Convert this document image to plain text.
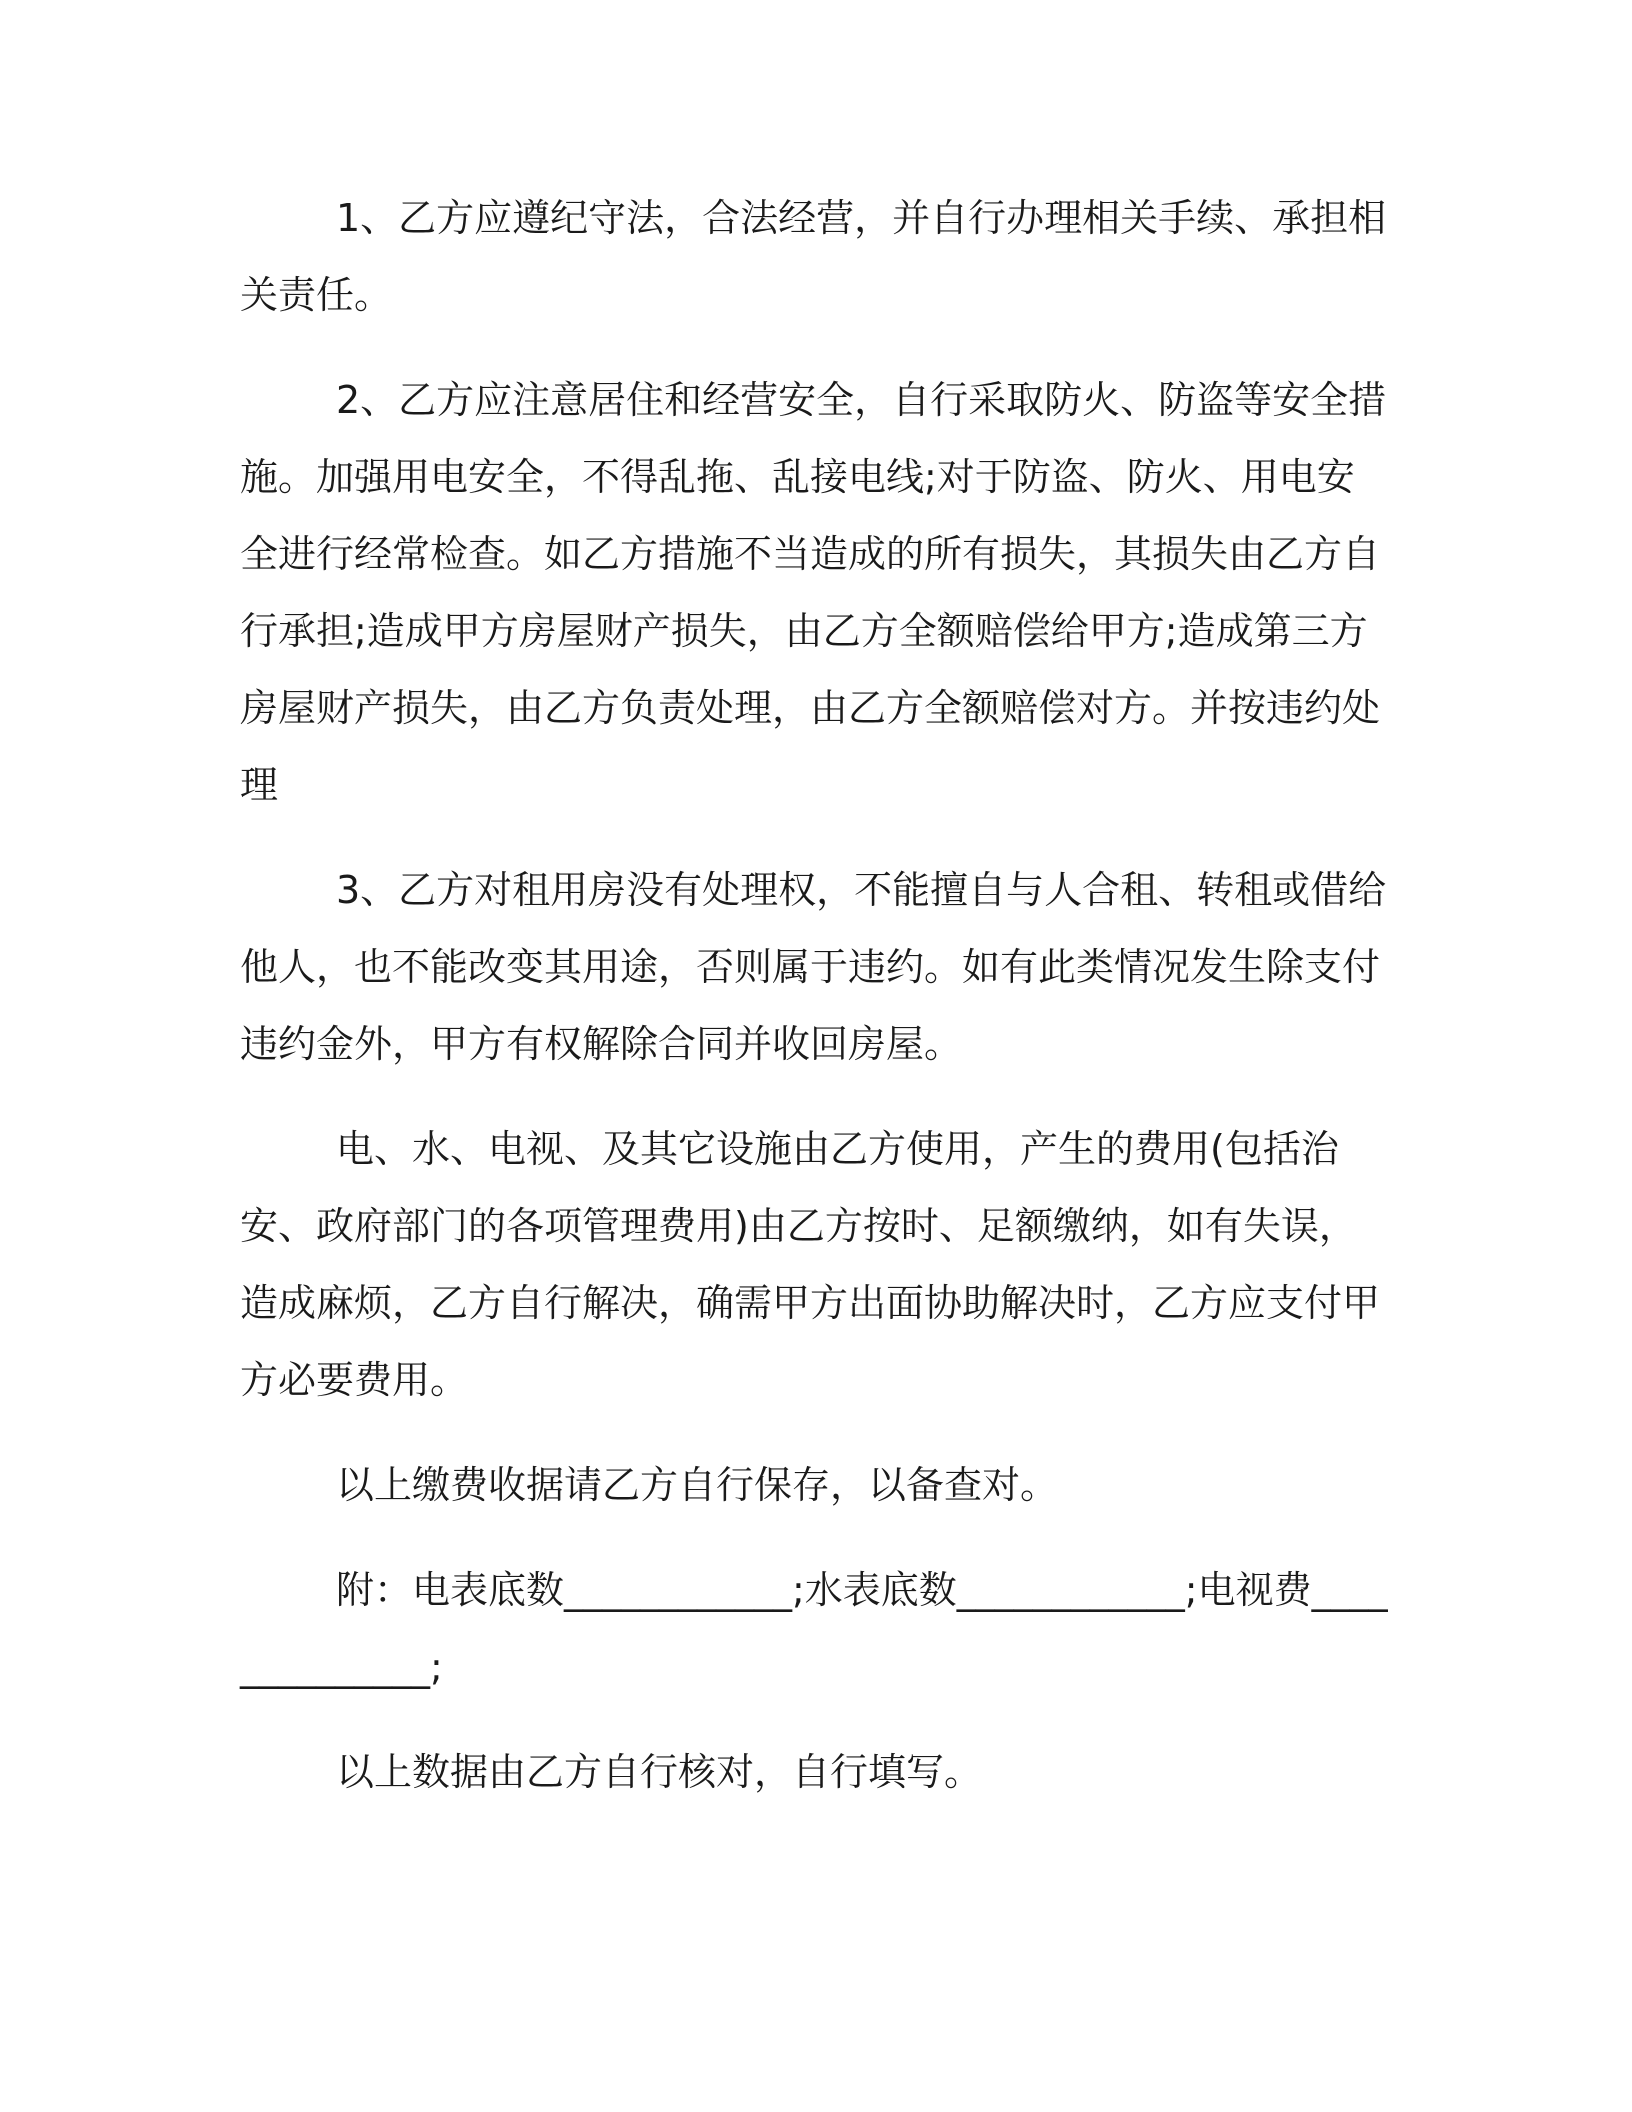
1、乙方应遵纪守法，合法经营，并自行办理相关手续、承担相关责任。

2、乙方应注意居住和经营安全，自行采取防火、防盗等安全措施。加强用电安全，不得乱拖、乱接电线;对于防盗、防火、用电安全进行经常检查。如乙方措施不当造成的所有损失，其损失由乙方自行承担;造成甲方房屋财产损失，由乙方全额赔偿给甲方;造成第三方房屋财产损失，由乙方负责处理，由乙方全额赔偿对方。并按违约处理

3、乙方对租用房没有处理权，不能擅自与人合租、转租或借给他人，也不能改变其用途，否则属于违约。如有此类情况发生除支付违约金外，甲方有权解除合同并收回房屋。

电、水、电视、及其它设施由乙方使用，产生的费用(包括治安、政府部门的各项管理费用)由乙方按时、足额缴纳，如有失误，造成麻烦，乙方自行解决，确需甲方出面协助解决时，乙方应支付甲方必要费用。

以上缴费收据请乙方自行保存，以备查对。

附：电表底数____________;水表底数____________;电视费______________;

以上数据由乙方自行核对，自行填写。
